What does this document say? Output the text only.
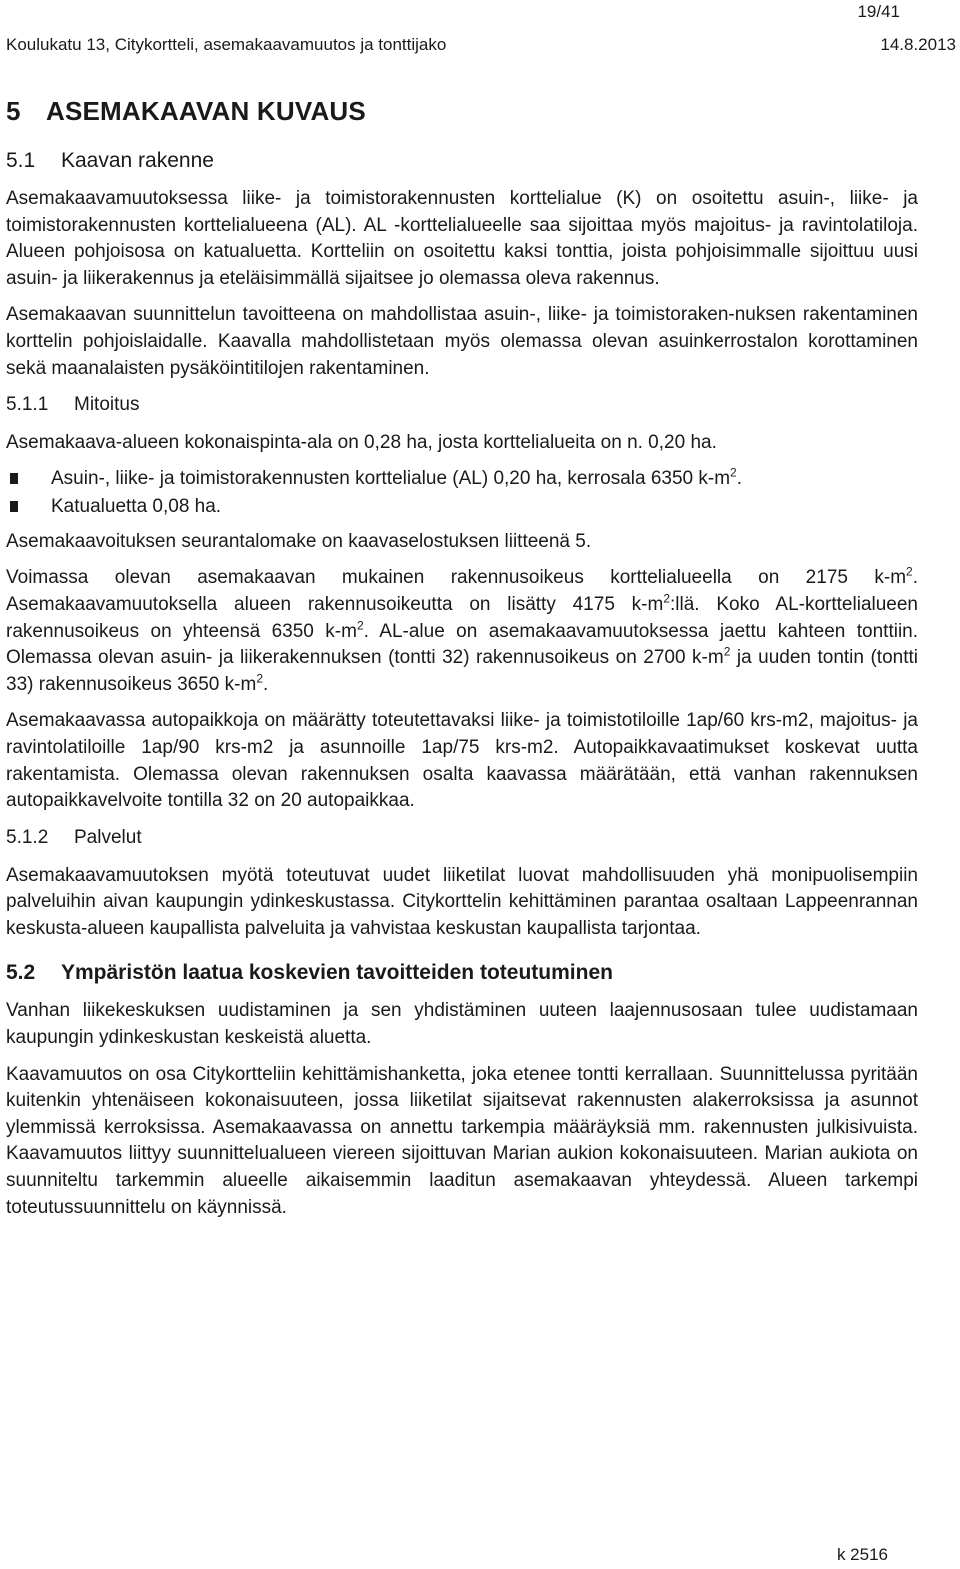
19/41
Koulukatu 13, Citykortteli, asemakaavamuutos ja tonttijako	14.8.2013
5 ASEMAKAAVAN KUVAUS
5.1 Kaavan rakenne

Asemakaavamuutoksessa liike- ja toimistorakennusten korttelialue (K) on osoitettu asuin-, liike- ja toimistorakennusten korttelialueena (AL). AL -korttelialueelle saa sijoittaa myös majoitus- ja ravintolatiloja. Alueen pohjoisosa on katualuetta. Kortteliin on osoitettu kaksi tonttia, joista pohjoisimmalle sijoittuu uusi asuin- ja liikerakennus ja eteläisimmällä sijaitsee jo olemassa oleva rakennus.

Asemakaavan suunnittelun tavoitteena on mahdollistaa asuin-, liike- ja toimistoraken-nuksen rakentaminen korttelin pohjoislaidalle. Kaavalla mahdollistetaan myös olemassa olevan asuinkerrostalon korottaminen sekä maanalaisten pysäköintitilojen rakentaminen.

5.1.1 Mitoitus

Asemakaava-alueen kokonaispinta-ala on 0,28 ha, josta korttelialueita on n. 0,20 ha.

Asuin-, liike- ja toimistorakennusten korttelialue (AL) 0,20 ha, kerrosala 6350 $k-m^2$.
Katualuetta 0,08 ha.

Asemakaavoituksen seurantalomake on kaavaselostuksen liitteenä 5.

Voimassa olevan asemakaavan mukainen rakennusoikeus korttelialueella on 2175 $k-m^2$. Asemakaavamuutoksella alueen rakennusoikeutta on lisätty 4175 $k-m^2:llä$. Koko AL-korttelialueen rakennusoikeus on yhteensä 6350 $k-m^2$. AL-alue on asemakaavamuutoksessa jaettu kahteen tonttiin. Olemassa olevan asuin- ja liikerakennuksen (tontti 32) rakennusoikeus on 2700 $k-m^2$ ja uuden tontin (tontti 33) rakennusoikeus 3650 $k-m^2$.

Asemakaavassa autopaikkoja on määrätty toteutettavaksi liike- ja toimistotiloille 1ap/60 krs-m2, majoitus- ja ravintolatiloille 1ap/90 krs-m2 ja asunnoille 1ap/75 krs-m2. Autopaikkavaatimukset koskevat uutta rakentamista. Olemassa olevan rakennuksen osalta kaavassa määrätään, että vanhan rakennuksen autopaikkavelvoite tontilla 32 on 20 autopaikkaa.

5.1.2 Palvelut

Asemakaavamuutoksen myötä toteutuvat uudet liiketilat luovat mahdollisuuden yhä monipuolisempiin palveluihin aivan kaupungin ydinkeskustassa. Citykorttelin kehittäminen parantaa osaltaan Lappeenrannan keskusta-alueen kaupallista palveluita ja vahvistaa keskustan kaupallista tarjontaa.

5.2 Ympäristön laatua koskevien tavoitteiden toteutuminen

Vanhan liikekeskuksen uudistaminen ja sen yhdistäminen uuteen laajennusosaan tulee uudistamaan kaupungin ydinkeskustan keskeistä aluetta.

Kaavamuutos on osa Citykortteliin kehittämishanketta, joka etenee tontti kerrallaan. Suunnittelussa pyritään kuitenkin yhtenäiseen kokonaisuuteen, jossa liiketilat sijaitsevat rakennusten alakerroksissa ja asunnot ylemmissä kerroksissa. Asemakaavassa on annettu tarkempia määräyksiä mm. rakennusten julkisivuista. Kaavamuutos liittyy suunnittelualueen viereen sijoittuvan Marian aukion kokonaisuuteen. Marian aukiota on suunniteltu tarkemmin alueelle aikaisemmin laaditun asemakaavan yhteydessä. Alueen tarkempi toteutussuunnittelu on käynnissä.

k 2516
